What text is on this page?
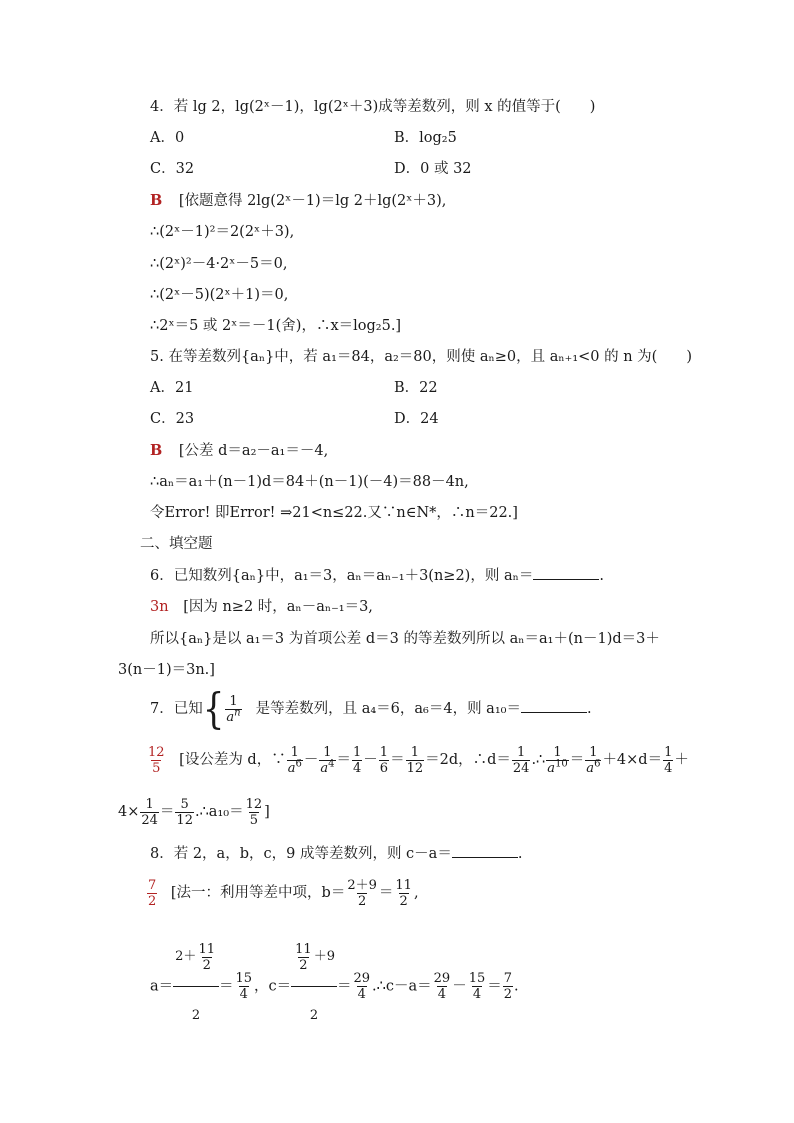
4．若 lg 2，lg(2ˣ－1)，lg(2ˣ＋3)成等差数列，则 x 的值等于(　　)
A．0	B．log₂5
C．32	D．0 或 32
B [依题意得 2lg(2ˣ－1)＝lg 2＋lg(2ˣ＋3),
∴(2ˣ－1)²＝2(2ˣ＋3),
∴(2ˣ)²－4·2ˣ－5＝0,
∴(2ˣ－5)(2ˣ＋1)＝0,
∴2ˣ＝5 或 2ˣ＝－1(舍)，∴x＝log₂5.]
5. 在等差数列{aₙ}中，若 a₁＝84，a₂＝80，则使 aₙ≥0，且 aₙ₊₁<0 的 n 为(　　)
A．21	B．22
C．23	D．24
B [公差 d＝a₂－a₁＝－4,
∴aₙ＝a₁＋(n－1)d＝84＋(n－1)(－4)＝88－4n,
令Error! 即Error! ⇒21<n≤22.又∵n∈N*，∴n＝22.]
二、填空题
6．已知数列{aₙ}中，a₁＝3，aₙ＝aₙ₋₁＋3(n≥2)，则 aₙ＝	.
3n [因为 n≥2 时，aₙ－aₙ₋₁＝3,
所以{aₙ}是以 a₁＝3 为首项公差 d＝3 的等差数列所以 aₙ＝a₁＋(n－1)d＝3＋
3(n－1)＝3n.]
7．已知{ $\frac{1}{a^n}$ 是等差数列，且 a₄＝6，a₆＝4，则 a₁₀＝	.
$\frac{12}{5}$ [设公差为 d，∵ $\frac{1}{a^6} - \frac{1}{a^4} = \frac{1}{4} - \frac{1}{6} = \frac{1}{12} =2d$，∴d＝ $\frac{1}{24}$ .∴ $\frac{1}{a^{10}} = \frac{1}{a^6} +4\times d= \frac{1}{4}$ ＋
$4\times \frac{1}{24} = \frac{5}{12}$ .∴a₁₀＝ $\frac{12}{5}$ ]
8．若 2，a，b，c，9 成等差数列，则 c－a＝	.
$\frac{7}{2}$ [法一：利用等差中项，$b= \frac{2+9}{2} = \frac{11}{2}$ ,
$a= \frac{2+ \frac{11}{2}}{2} = \frac{15}{4}$ ，$c= \frac{\frac{11}{2} +9}{2} = \frac{29}{4}$ .∴c－a＝ $\frac{29}{4} - \frac{15}{4} = \frac{7}{2}$ .
